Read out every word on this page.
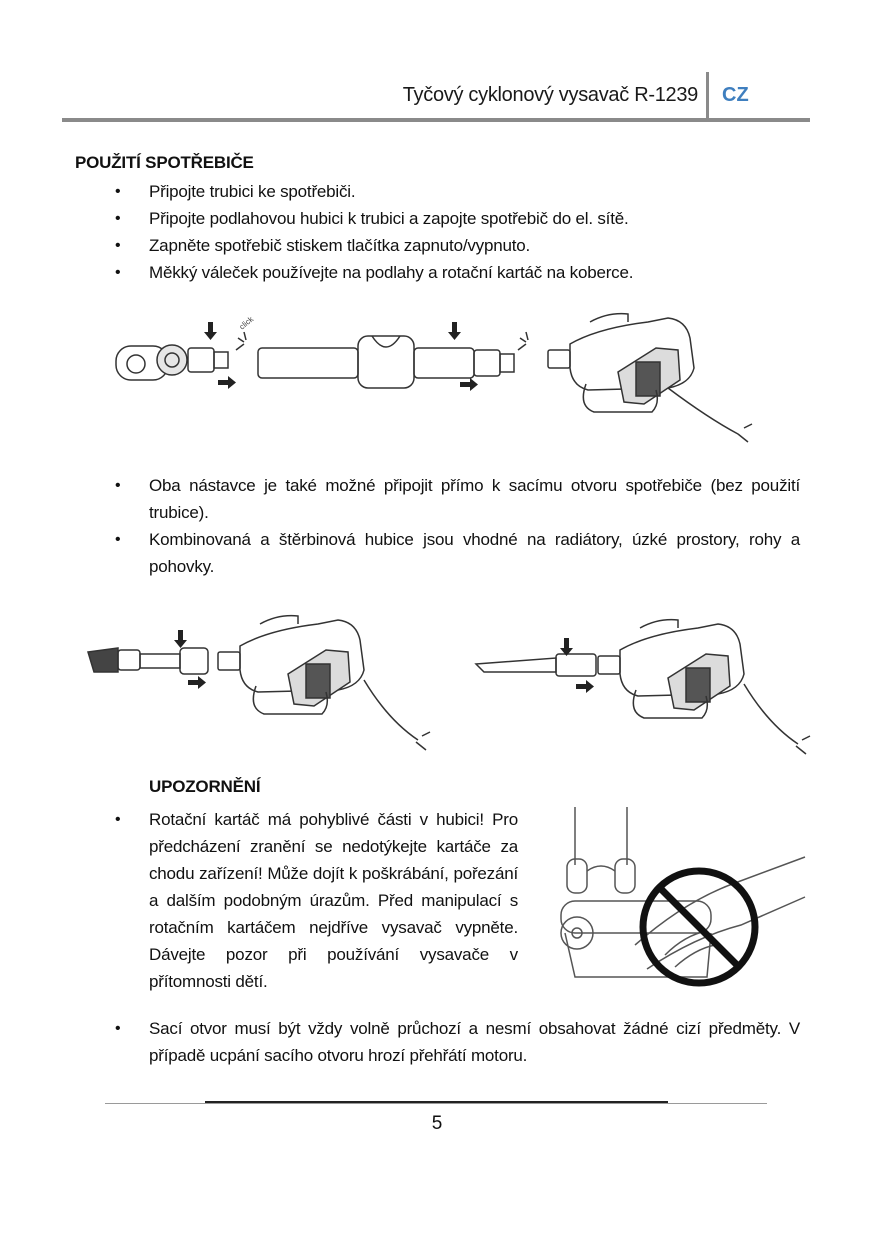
Tyčový cyklonový vysavač R-1239 CZ
POUŽITÍ SPOTŘEBIČE
• Připojte trubici ke spotřebiči.
• Připojte podlahovou hubici k trubici a zapojte spotřebič do el. sítě.
• Zapněte spotřebič stiskem tlačítka zapnuto/vypnuto.
• Měkký váleček používejte na podlahy a rotační kartáč na koberce.
click
• Oba nástavce je také možné připojit přímo k sacímu otvoru spotřebiče (bez použití trubice).
• Kombinovaná a štěrbinová hubice jsou vhodné na radiátory, úzké prostory, rohy a pohovky.
UPOZORNĚNÍ
• Rotační kartáč má pohyblivé části v hubici! Pro předcházení zranění se nedotýkejte kartáče za chodu zařízení! Může dojít k poškrábání, pořezání a dalším podobným úrazům. Před manipulací s rotačním kartáčem nejdříve vysavač vypněte. Dávejte pozor při používání vysavače v přítomnosti dětí.
• Sací otvor musí být vždy volně průchozí a nesmí obsahovat žádné cizí předměty. V případě ucpání sacího otvoru hrozí přehřátí motoru.
5
